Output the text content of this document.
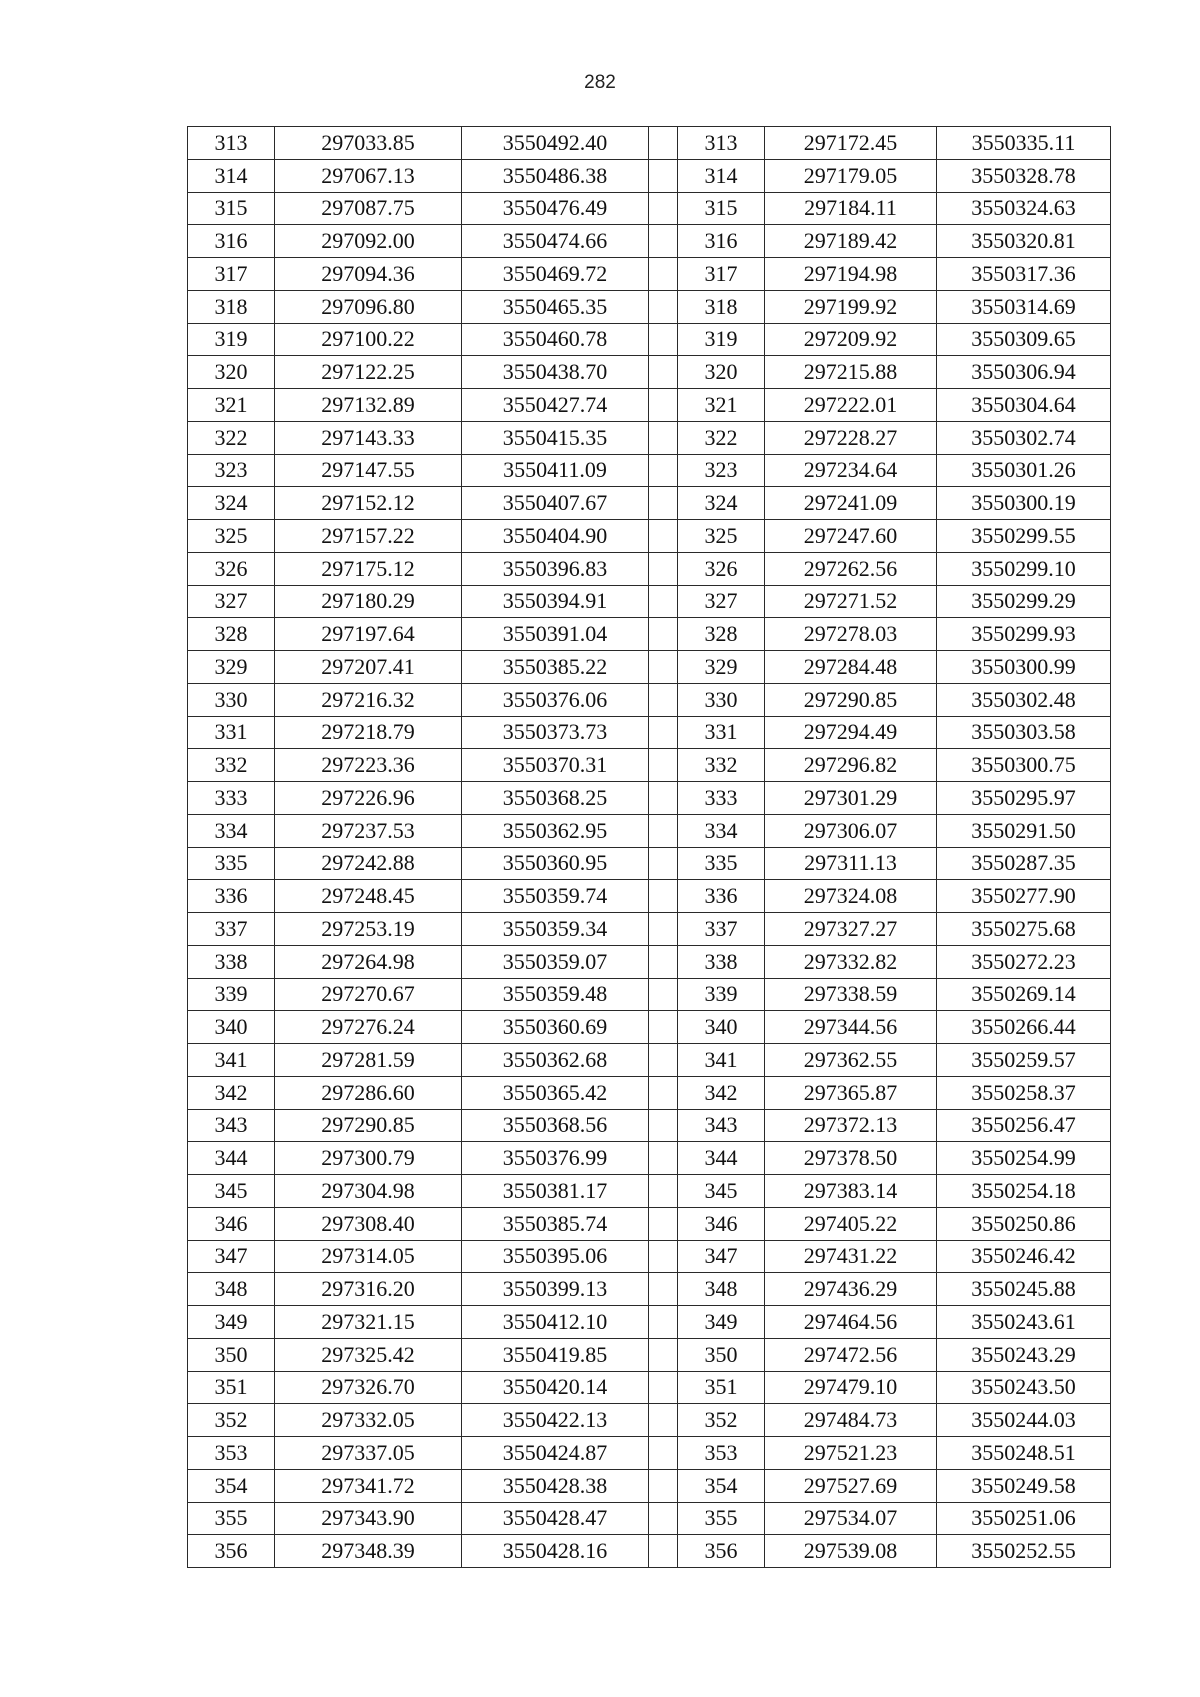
282
313	297033.85	3550492.40		313	297172.45	3550335.11
314	297067.13	3550486.38		314	297179.05	3550328.78
315	297087.75	3550476.49		315	297184.11	3550324.63
316	297092.00	3550474.66		316	297189.42	3550320.81
317	297094.36	3550469.72		317	297194.98	3550317.36
318	297096.80	3550465.35		318	297199.92	3550314.69
319	297100.22	3550460.78		319	297209.92	3550309.65
320	297122.25	3550438.70		320	297215.88	3550306.94
321	297132.89	3550427.74		321	297222.01	3550304.64
322	297143.33	3550415.35		322	297228.27	3550302.74
323	297147.55	3550411.09		323	297234.64	3550301.26
324	297152.12	3550407.67		324	297241.09	3550300.19
325	297157.22	3550404.90		325	297247.60	3550299.55
326	297175.12	3550396.83		326	297262.56	3550299.10
327	297180.29	3550394.91		327	297271.52	3550299.29
328	297197.64	3550391.04		328	297278.03	3550299.93
329	297207.41	3550385.22		329	297284.48	3550300.99
330	297216.32	3550376.06		330	297290.85	3550302.48
331	297218.79	3550373.73		331	297294.49	3550303.58
332	297223.36	3550370.31		332	297296.82	3550300.75
333	297226.96	3550368.25		333	297301.29	3550295.97
334	297237.53	3550362.95		334	297306.07	3550291.50
335	297242.88	3550360.95		335	297311.13	3550287.35
336	297248.45	3550359.74		336	297324.08	3550277.90
337	297253.19	3550359.34		337	297327.27	3550275.68
338	297264.98	3550359.07		338	297332.82	3550272.23
339	297270.67	3550359.48		339	297338.59	3550269.14
340	297276.24	3550360.69		340	297344.56	3550266.44
341	297281.59	3550362.68		341	297362.55	3550259.57
342	297286.60	3550365.42		342	297365.87	3550258.37
343	297290.85	3550368.56		343	297372.13	3550256.47
344	297300.79	3550376.99		344	297378.50	3550254.99
345	297304.98	3550381.17		345	297383.14	3550254.18
346	297308.40	3550385.74		346	297405.22	3550250.86
347	297314.05	3550395.06		347	297431.22	3550246.42
348	297316.20	3550399.13		348	297436.29	3550245.88
349	297321.15	3550412.10		349	297464.56	3550243.61
350	297325.42	3550419.85		350	297472.56	3550243.29
351	297326.70	3550420.14		351	297479.10	3550243.50
352	297332.05	3550422.13		352	297484.73	3550244.03
353	297337.05	3550424.87		353	297521.23	3550248.51
354	297341.72	3550428.38		354	297527.69	3550249.58
355	297343.90	3550428.47		355	297534.07	3550251.06
356	297348.39	3550428.16		356	297539.08	3550252.55
